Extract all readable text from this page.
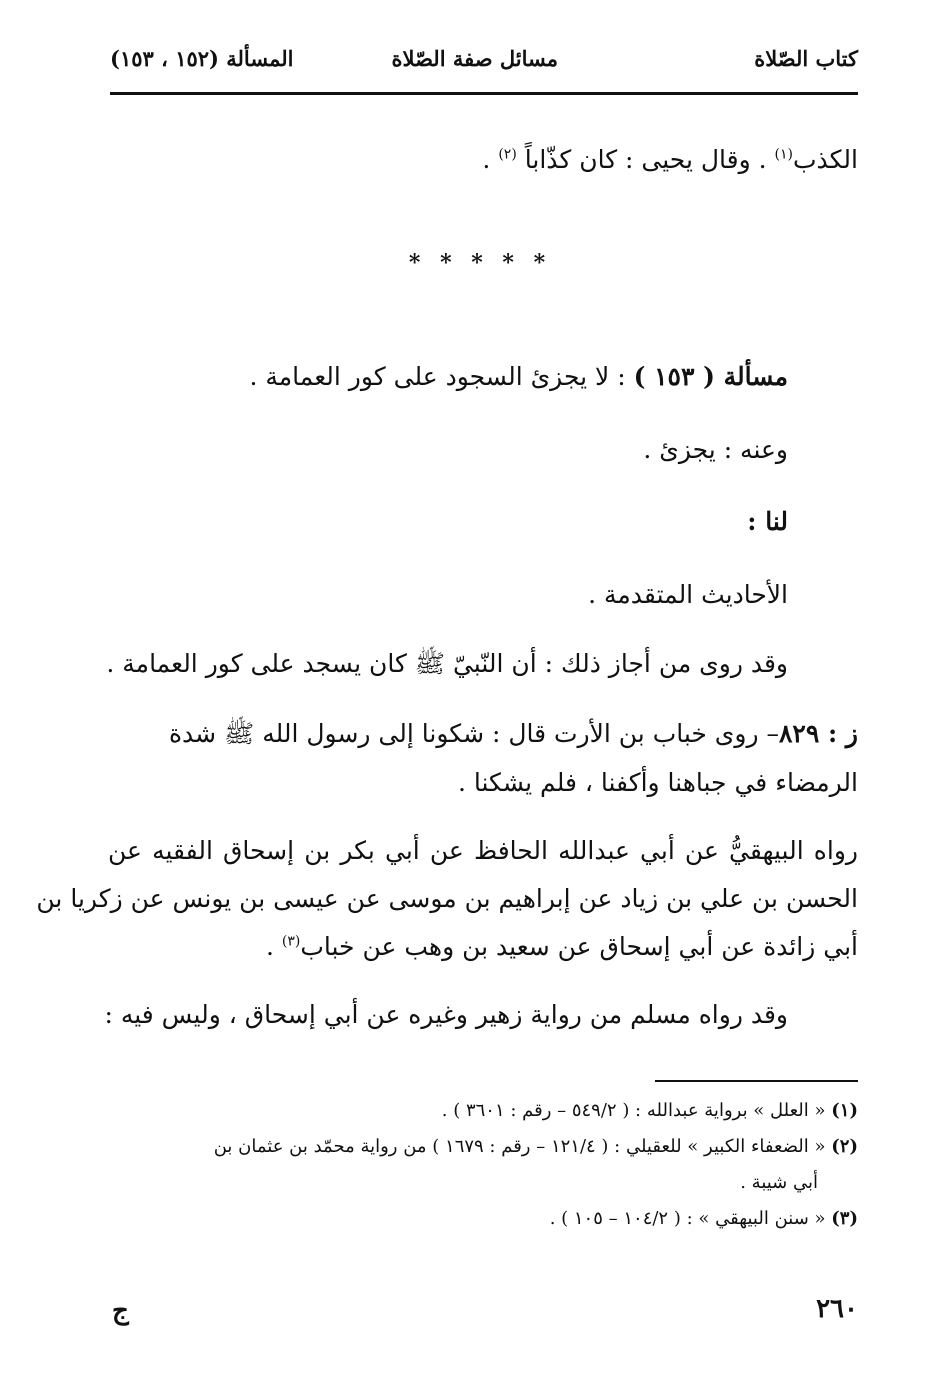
كتاب الصّلاة
مسائل صفة الصّلاة
المسألة (١٥٢ ، ١٥٣)
الكذب$^{(١)}$ . وقال يحيى : كان كذّاباً $^{(٢)}$ .
* * * * *
مسألة ( ١٥٣ ) : لا يجزئ السجود على كور العمامة .
وعنه : يجزئ .
لنا :
الأحاديث المتقدمة .
وقد روى من أجاز ذلك : أن النّبيّ ﷺ كان يسجد على كور العمامة .
ز : ٨٢٩– روى خباب بن الأرت قال : شكونا إلى رسول الله ﷺ شدة
الرمضاء في جباهنا وأكفنا ، فلم يشكنا .
رواه البيهقيُّ عن أبي عبدالله الحافظ عن أبي بكر بن إسحاق الفقيه عن
الحسن بن علي بن زياد عن إبراهيم بن موسى عن عيسى بن يونس عن زكريا بن
أبي زائدة عن أبي إسحاق عن سعيد بن وهب عن خباب$^{(٣)}$ .
وقد رواه مسلم من رواية زهير وغيره عن أبي إسحاق ، وليس فيه :
(١) « العلل » برواية عبدالله : ( ٥٤٩/٢ – رقم : ٣٦٠١ ) .
(٢) « الضعفاء الكبير » للعقيلي : ( ١٢١/٤ – رقم : ١٦٧٩ ) من رواية محمّد بن عثمان بن
أبي شيبة .
(٣) « سنن البيهقي » : ( ١٠٤/٢ – ١٠٥ ) .
٢٦٠
ج
